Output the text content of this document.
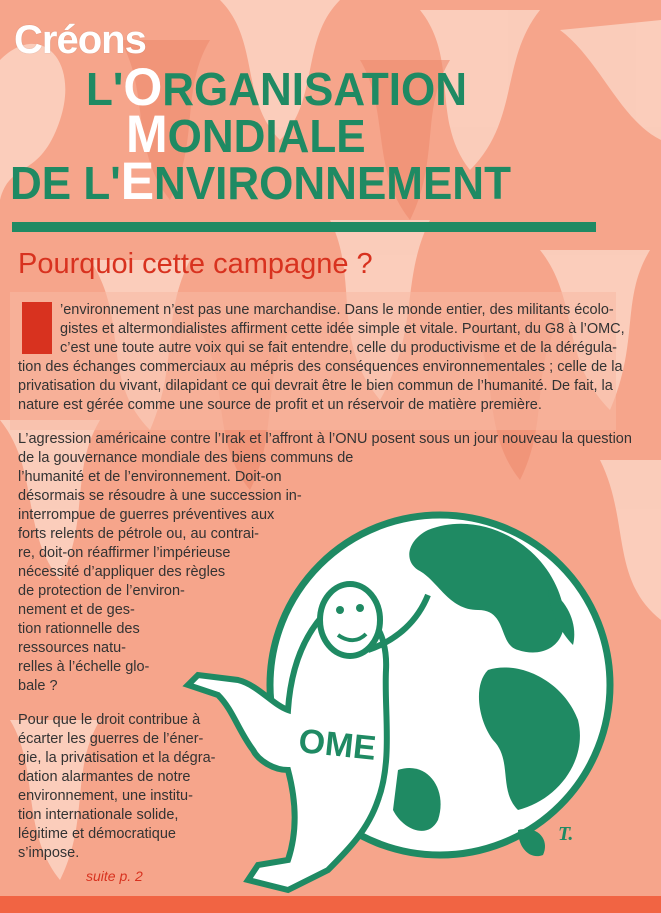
Créons
L'ORGANISATION
MONDIALE
DE L'ENVIRONNEMENT
Pourquoi cette campagne ?
’environnement n’est pas une marchandise. Dans le monde entier, des militants écolo-
gistes et altermondialistes affirment cette idée simple et vitale. Pourtant, du G8 à l’OMC,
c’est une toute autre voix qui se fait entendre, celle du productivisme et de la dérégula-
tion des échanges commerciaux au mépris des conséquences environnementales ; celle de la
privatisation du vivant, dilapidant ce qui devrait être le bien commun de l’humanité. De fait, la
nature est gérée comme une source de profit et un réservoir de matière première.
L’agression américaine contre l’Irak et l’affront à l’ONU posent sous un jour nouveau la question
de la gouvernance mondiale des biens communs de
l’humanité et de l’environnement. Doit-on
désormais se résoudre à une succession in-
interrompue de guerres préventives aux
forts relents de pétrole ou, au contrai-
re, doit-on réaffirmer l’impérieuse
nécessité d’appliquer des règles
de protection de l’environ-
nement et de ges-
tion rationnelle des
ressources natu-
relles à l’échelle glo-
bale ?
Pour que le droit contribue à
écarter les guerres de l’éner-
gie, la privatisation et la dégra-
dation alarmantes de notre
environnement, une institu-
tion internationale solide,
légitime et démocratique
s’impose.
suite p. 2
OME
T.
